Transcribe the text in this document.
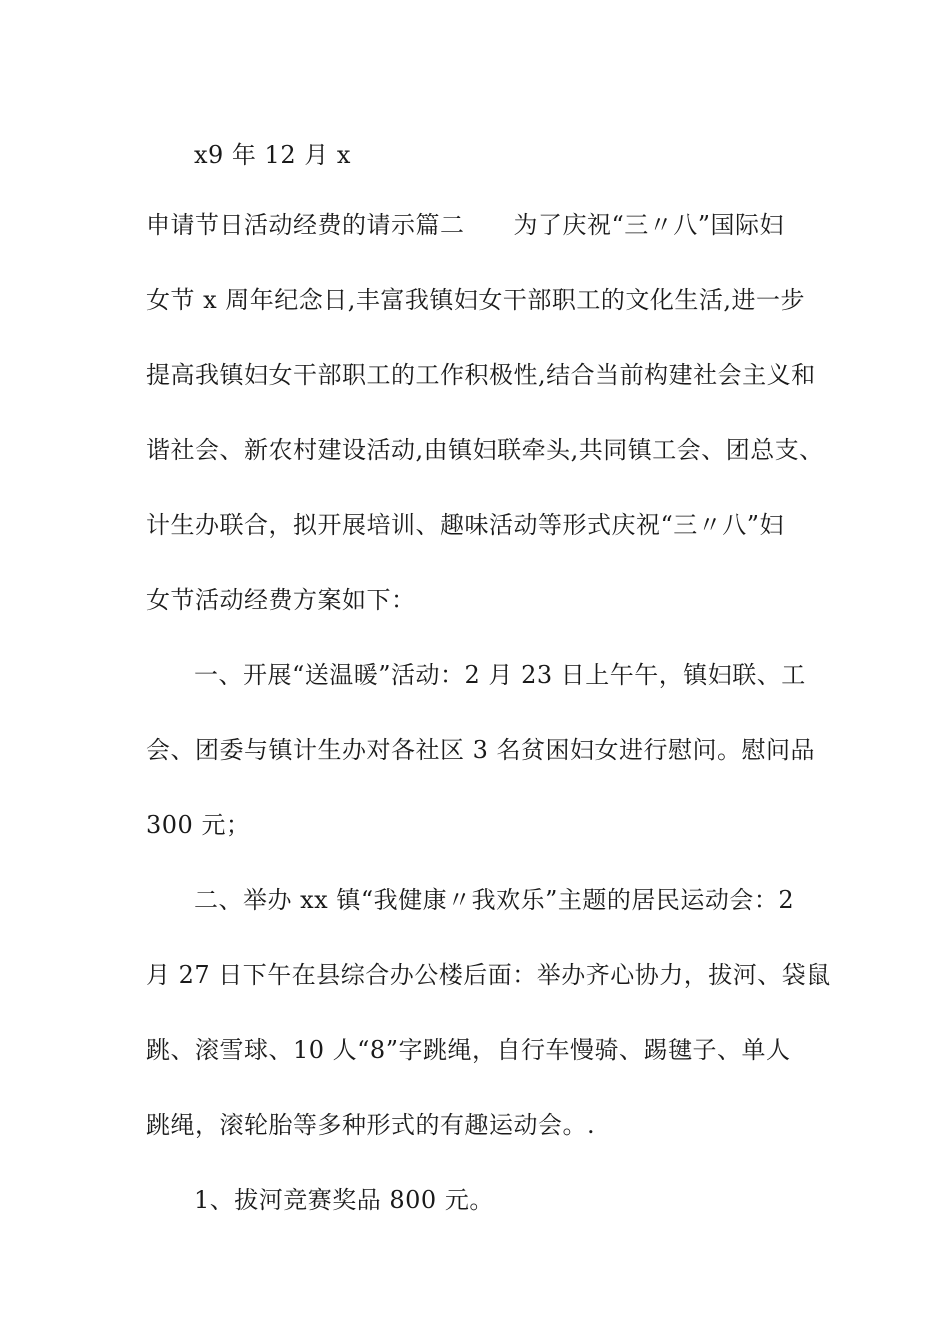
x9 年 12 月 x
申请节日活动经费的请示篇二　　为了庆祝“三〃八”国际妇
女节 x 周年纪念日,丰富我镇妇女干部职工的文化生活,进一步
提高我镇妇女干部职工的工作积极性,结合当前构建社会主义和
谐社会、新农村建设活动,由镇妇联牵头,共同镇工会、团总支、
计生办联合，拟开展培训、趣味活动等形式庆祝“三〃八”妇
女节活动经费方案如下：
一、开展“送温暖”活动：2 月 23 日上午午，镇妇联、工
会、团委与镇计生办对各社区 3 名贫困妇女进行慰问。慰问品
300 元；
二、举办 xx 镇“我健康〃我欢乐”主题的居民运动会：2
月 27 日下午在县综合办公楼后面：举办齐心协力，拔河、袋鼠
跳、滚雪球、10 人“8”字跳绳，自行车慢骑、踢毽子、单人
跳绳，滚轮胎等多种形式的有趣运动会。.
1、拔河竞赛奖品 800 元。
